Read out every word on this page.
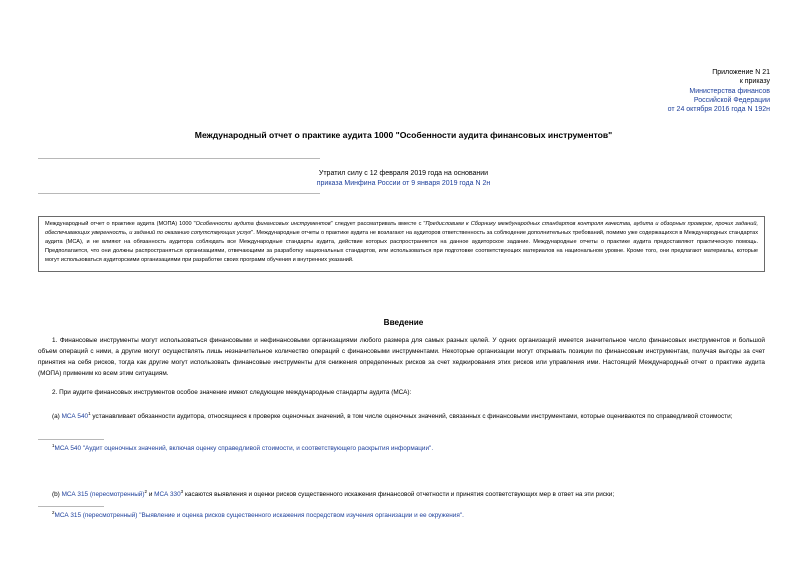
Приложение N 21
к приказу
Министерства финансов
Российской Федерации
от 24 октября 2016 года N 192н
Международный отчет о практике аудита 1000 "Особенности аудита финансовых инструментов"
Утратил силу с 12 февраля 2019 года на основании
приказа Минфина России от 9 января 2019 года N 2н
Международный отчет о практике аудита (МОПА) 1000 "Особенности аудита финансовых инструментов" следует рассматривать вместе с "Предисловием к Сборнику международных стандартов контроля качества, аудита и обзорных проверок, прочих заданий, обеспечивающих уверенность, и заданий по оказанию сопутствующих услуг". Международные отчеты о практике аудита не возлагают на аудиторов ответственность за соблюдение дополнительных требований, помимо уже содержащихся в Международных стандартах аудита (МСА), и не влияют на обязанность аудитора соблюдать все Международные стандарты аудита, действие которых распространяется на данное аудиторское задание. Международные отчеты о практике аудита предоставляют практическую помощь. Предполагается, что они должны распространяться организациями, отвечающими за разработку национальных стандартов, или использоваться при подготовке соответствующих материалов на национальном уровне. Кроме того, они предлагают материалы, которые могут использоваться аудиторскими организациями при разработке своих программ обучения и внутренних указаний.
Введение
1. Финансовые инструменты могут использоваться финансовыми и нефинансовыми организациями любого размера для самых разных целей. У одних организаций имеется значительное число финансовых инструментов и большой объем операций с ними, а другие могут осуществлять лишь незначительное количество операций с финансовыми инструментами. Некоторые организации могут открывать позиции по финансовым инструментам, получая выгоды за счет принятия на себя рисков, тогда как другие могут использовать финансовые инструменты для снижения определенных рисков за счет хеджирования этих рисков или управления ими. Настоящий Международный отчет о практике аудита (МОПА) применим ко всем этим ситуациям.
2. При аудите финансовых инструментов особое значение имеют следующие международные стандарты аудита (МСА):
(a) МСА $540^1$ устанавливает обязанности аудитора, относящиеся к проверке оценочных значений, в том числе оценочных значений, связанных с финансовыми инструментами, которые оцениваются по справедливой стоимости;
$^1$МСА 540 "Аудит оценочных значений, включая оценку справедливой стоимости, и соответствующего раскрытия информации".
(b) МСА 315 (пересмотренный)$^2$ и МСА $330^3$ касаются выявления и оценки рисков существенного искажения финансовой отчетности и принятия соответствующих мер в ответ на эти риски;
$^2$МСА 315 (пересмотренный) "Выявление и оценка рисков существенного искажения посредством изучения организации и ее окружения".
